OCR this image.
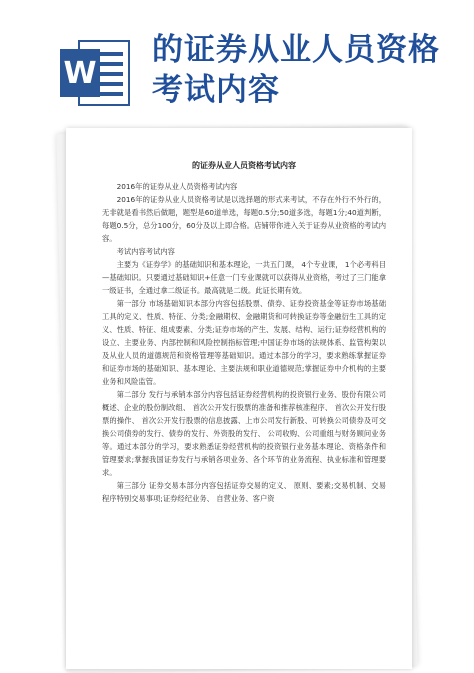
W
的证券从业人员资格考试内容

的证券从业人员资格考试内容

2016年的证券从业人员资格考试内容

2016年的证券从业人员资格考试是以选择题的形式来考试，不存在外行不外行的，无非就是看书然后做题，题型是60道单选，每题0.5分;50道多选，每题1分;40道判断，每题0.5分，总分100分，60分及以上即合格。店铺带你进入关于证券从业资格的考试内容。

考试内容考试内容

主要为《证券学》的基础知识和基本理论，一共五门课， 4个专业课， 1个必考科目—基础知识。只要通过基础知识+任意一门专业课就可以获得从业资格，考过了三门能拿一级证书，全通过拿二级证书。最高就是二级。此证长期有效。

第一部分 市场基础知识本部分内容包括股票、债券、证券投资基金等证券市场基础工具的定义、性质、特征、分类;金融期权、金融期货和可转换证券等金融衍生工具的定义、性质、特征、组成要素、分类;证券市场的产生、发展、结构、运行;证券经营机构的设立、主要业务、内部控制和风险控制指标管理;中国证券市场的法规体系、监管构架以及从业人员的道德规范和资格管理等基础知识。通过本部分的学习，要求熟练掌握证券和证券市场的基础知识、基本理论、主要法规和职业道德规范;掌握证券中介机构的主要业务和风险监管。

第二部分 发行与承销本部分内容包括证券经营机构的投资银行业务、股份有限公司概述、企业的股份制改组、 首次公开发行股票的准备和推荐核准程序、 首次公开发行股票的操作、 首次公开发行股票的信息披露、上市公司发行新股、可转换公司债券及可交换公司债券的发行、债券的发行、外资股的发行、 公司收购、公司重组与财务顾问业务等。通过本部分的学习，要求熟悉证券经营机构的投资银行业务基本理论、资格条件和管理要求;掌握我国证券发行与承销各项业务、各个环节的业务流程、执业标准和管理要求。

第三部分 证券交易本部分内容包括证券交易的定义、 原则、要素;交易机制、交易程序特别交易事项;证券经纪业务、 自营业务、客户资
